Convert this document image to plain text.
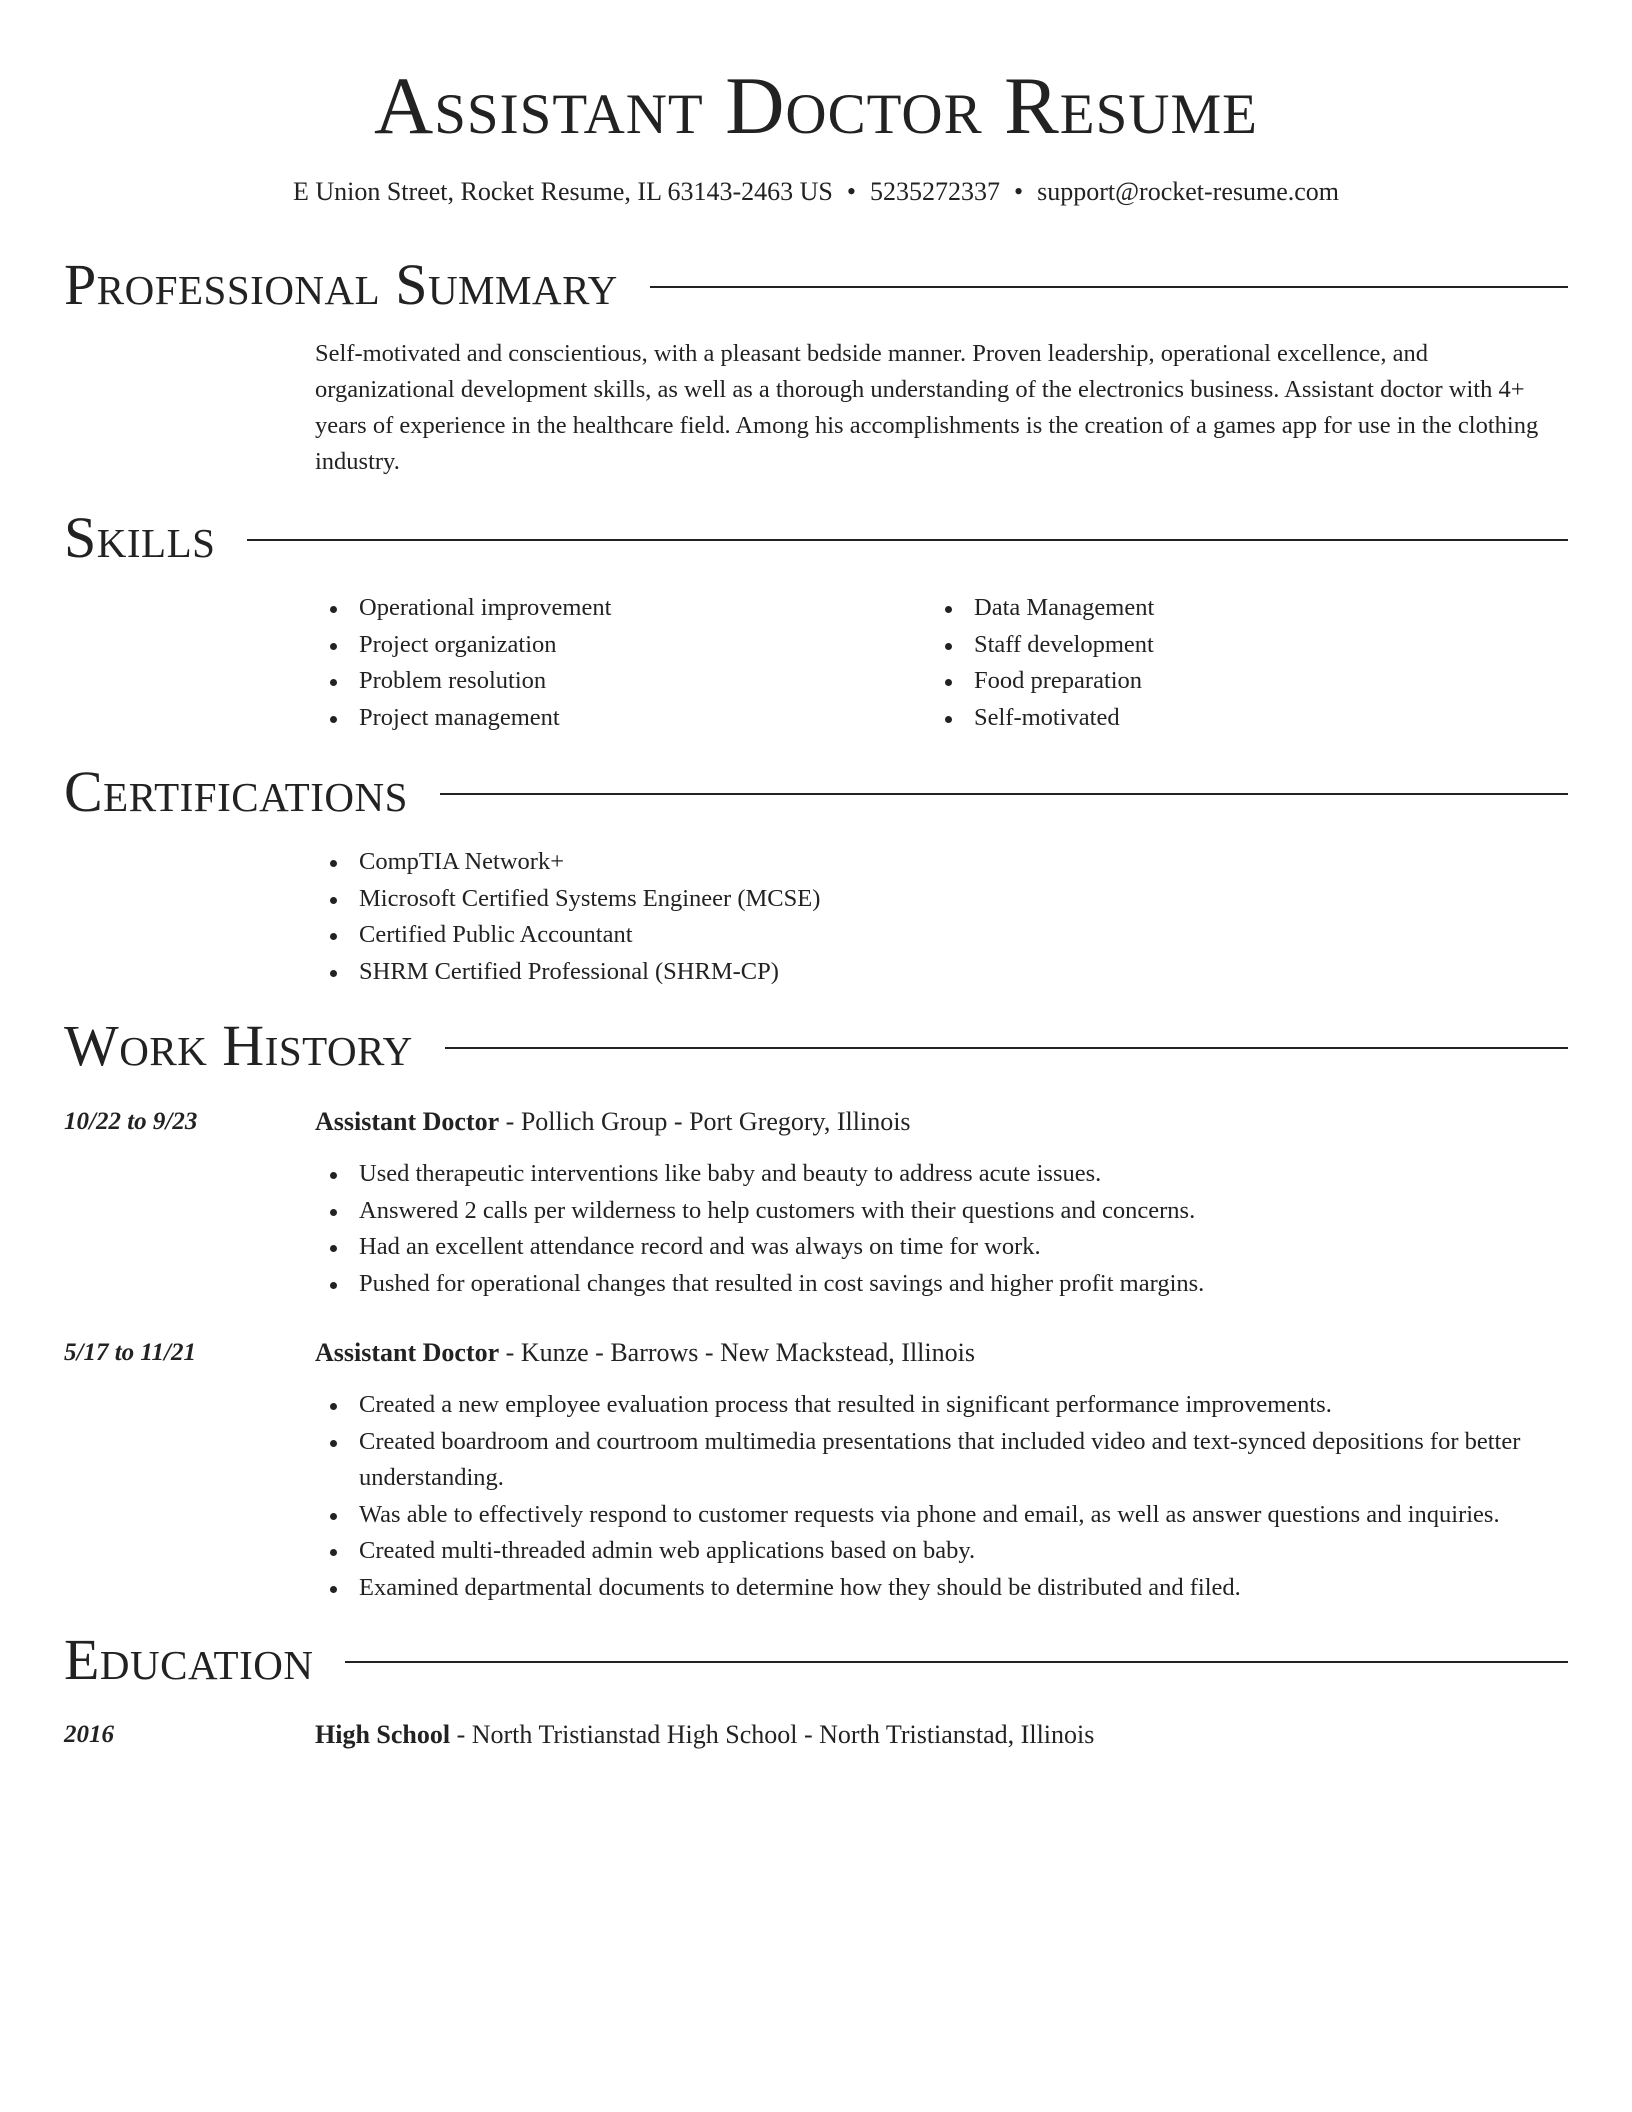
Assistant Doctor Resume
E Union Street, Rocket Resume, IL 63143-2463 US • 5235272337 • support@rocket-resume.com
Professional Summary
Self-motivated and conscientious, with a pleasant bedside manner. Proven leadership, operational excellence, and organizational development skills, as well as a thorough understanding of the electronics business. Assistant doctor with 4+ years of experience in the healthcare field. Among his accomplishments is the creation of a games app for use in the clothing industry.
Skills
Operational improvement
Project organization
Problem resolution
Project management
Data Management
Staff development
Food preparation
Self-motivated
Certifications
CompTIA Network+
Microsoft Certified Systems Engineer (MCSE)
Certified Public Accountant
SHRM Certified Professional (SHRM-CP)
Work History
10/22 to 9/23	Assistant Doctor - Pollich Group - Port Gregory, Illinois
Used therapeutic interventions like baby and beauty to address acute issues.
Answered 2 calls per wilderness to help customers with their questions and concerns.
Had an excellent attendance record and was always on time for work.
Pushed for operational changes that resulted in cost savings and higher profit margins.
5/17 to 11/21	Assistant Doctor - Kunze - Barrows - New Mackstead, Illinois
Created a new employee evaluation process that resulted in significant performance improvements.
Created boardroom and courtroom multimedia presentations that included video and text-synced depositions for better understanding.
Was able to effectively respond to customer requests via phone and email, as well as answer questions and inquiries.
Created multi-threaded admin web applications based on baby.
Examined departmental documents to determine how they should be distributed and filed.
Education
2016	High School - North Tristianstad High School - North Tristianstad, Illinois
